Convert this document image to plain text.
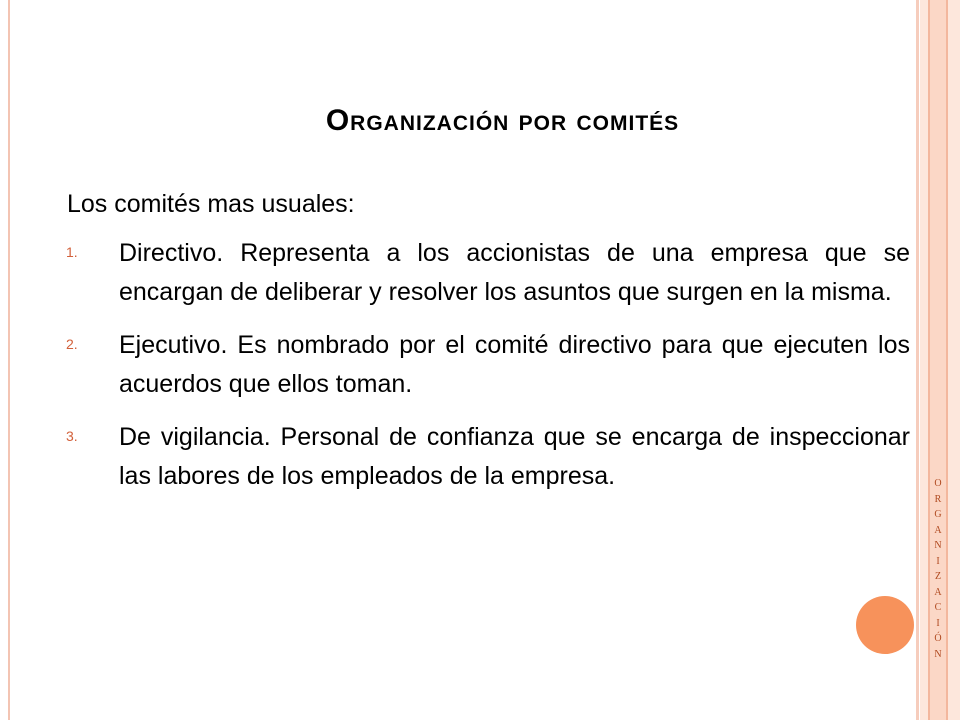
O
R
G
A
N
I
Z
A
C
I
Ó
N
Organización por comités

Los comités mas usuales:

1.	Directivo. Representa a los accionistas de una empresa que se encargan de deliberar y resolver los asuntos que surgen en la misma.

2.	Ejecutivo. Es nombrado por el comité directivo para que ejecuten los acuerdos que ellos toman.

3.	De vigilancia. Personal de confianza que se encarga de inspeccionar las labores de los empleados de la empresa.
